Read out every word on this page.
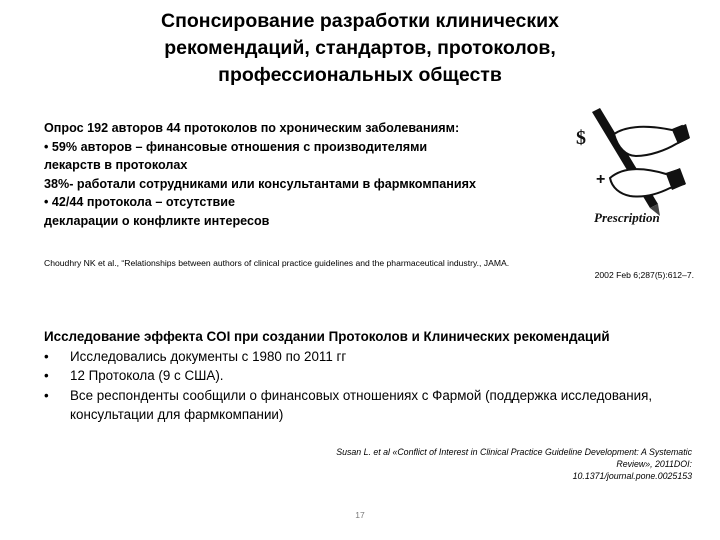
Спонсирование разработки клинических
рекомендаций, стандартов, протоколов,
профессиональных обществ
Опрос 192 авторов 44 протоколов по хроническим заболеваниям:
• 59% авторов – финансовые отношения с производителями
лекарств в протоколах
38%- работали сотрудниками или консультантами в фармкомпаниях
• 42/44 протокола – отсутствие
декларации о конфликте интересов
$
+
Prescription
Choudhry NK et al., “Relationships between authors of clinical practice guidelines and the pharmaceutical industry., JAMA.
2002 Feb 6;287(5):612–7.
Исследование эффекта COI при создании Протоколов и Клинических рекомендаций
• Исследовались документы с 1980 по 2011 гг
• 12 Протокола (9 с США).
• Все респонденты сообщили о финансовых отношениях с Фармой (поддержка исследования, консультации для фармкомпании)
Susan L. et al «Conflict of Interest in Clinical Practice Guideline Development: A Systematic Review», 2011DOI:
10.1371/journal.pone.0025153
17
